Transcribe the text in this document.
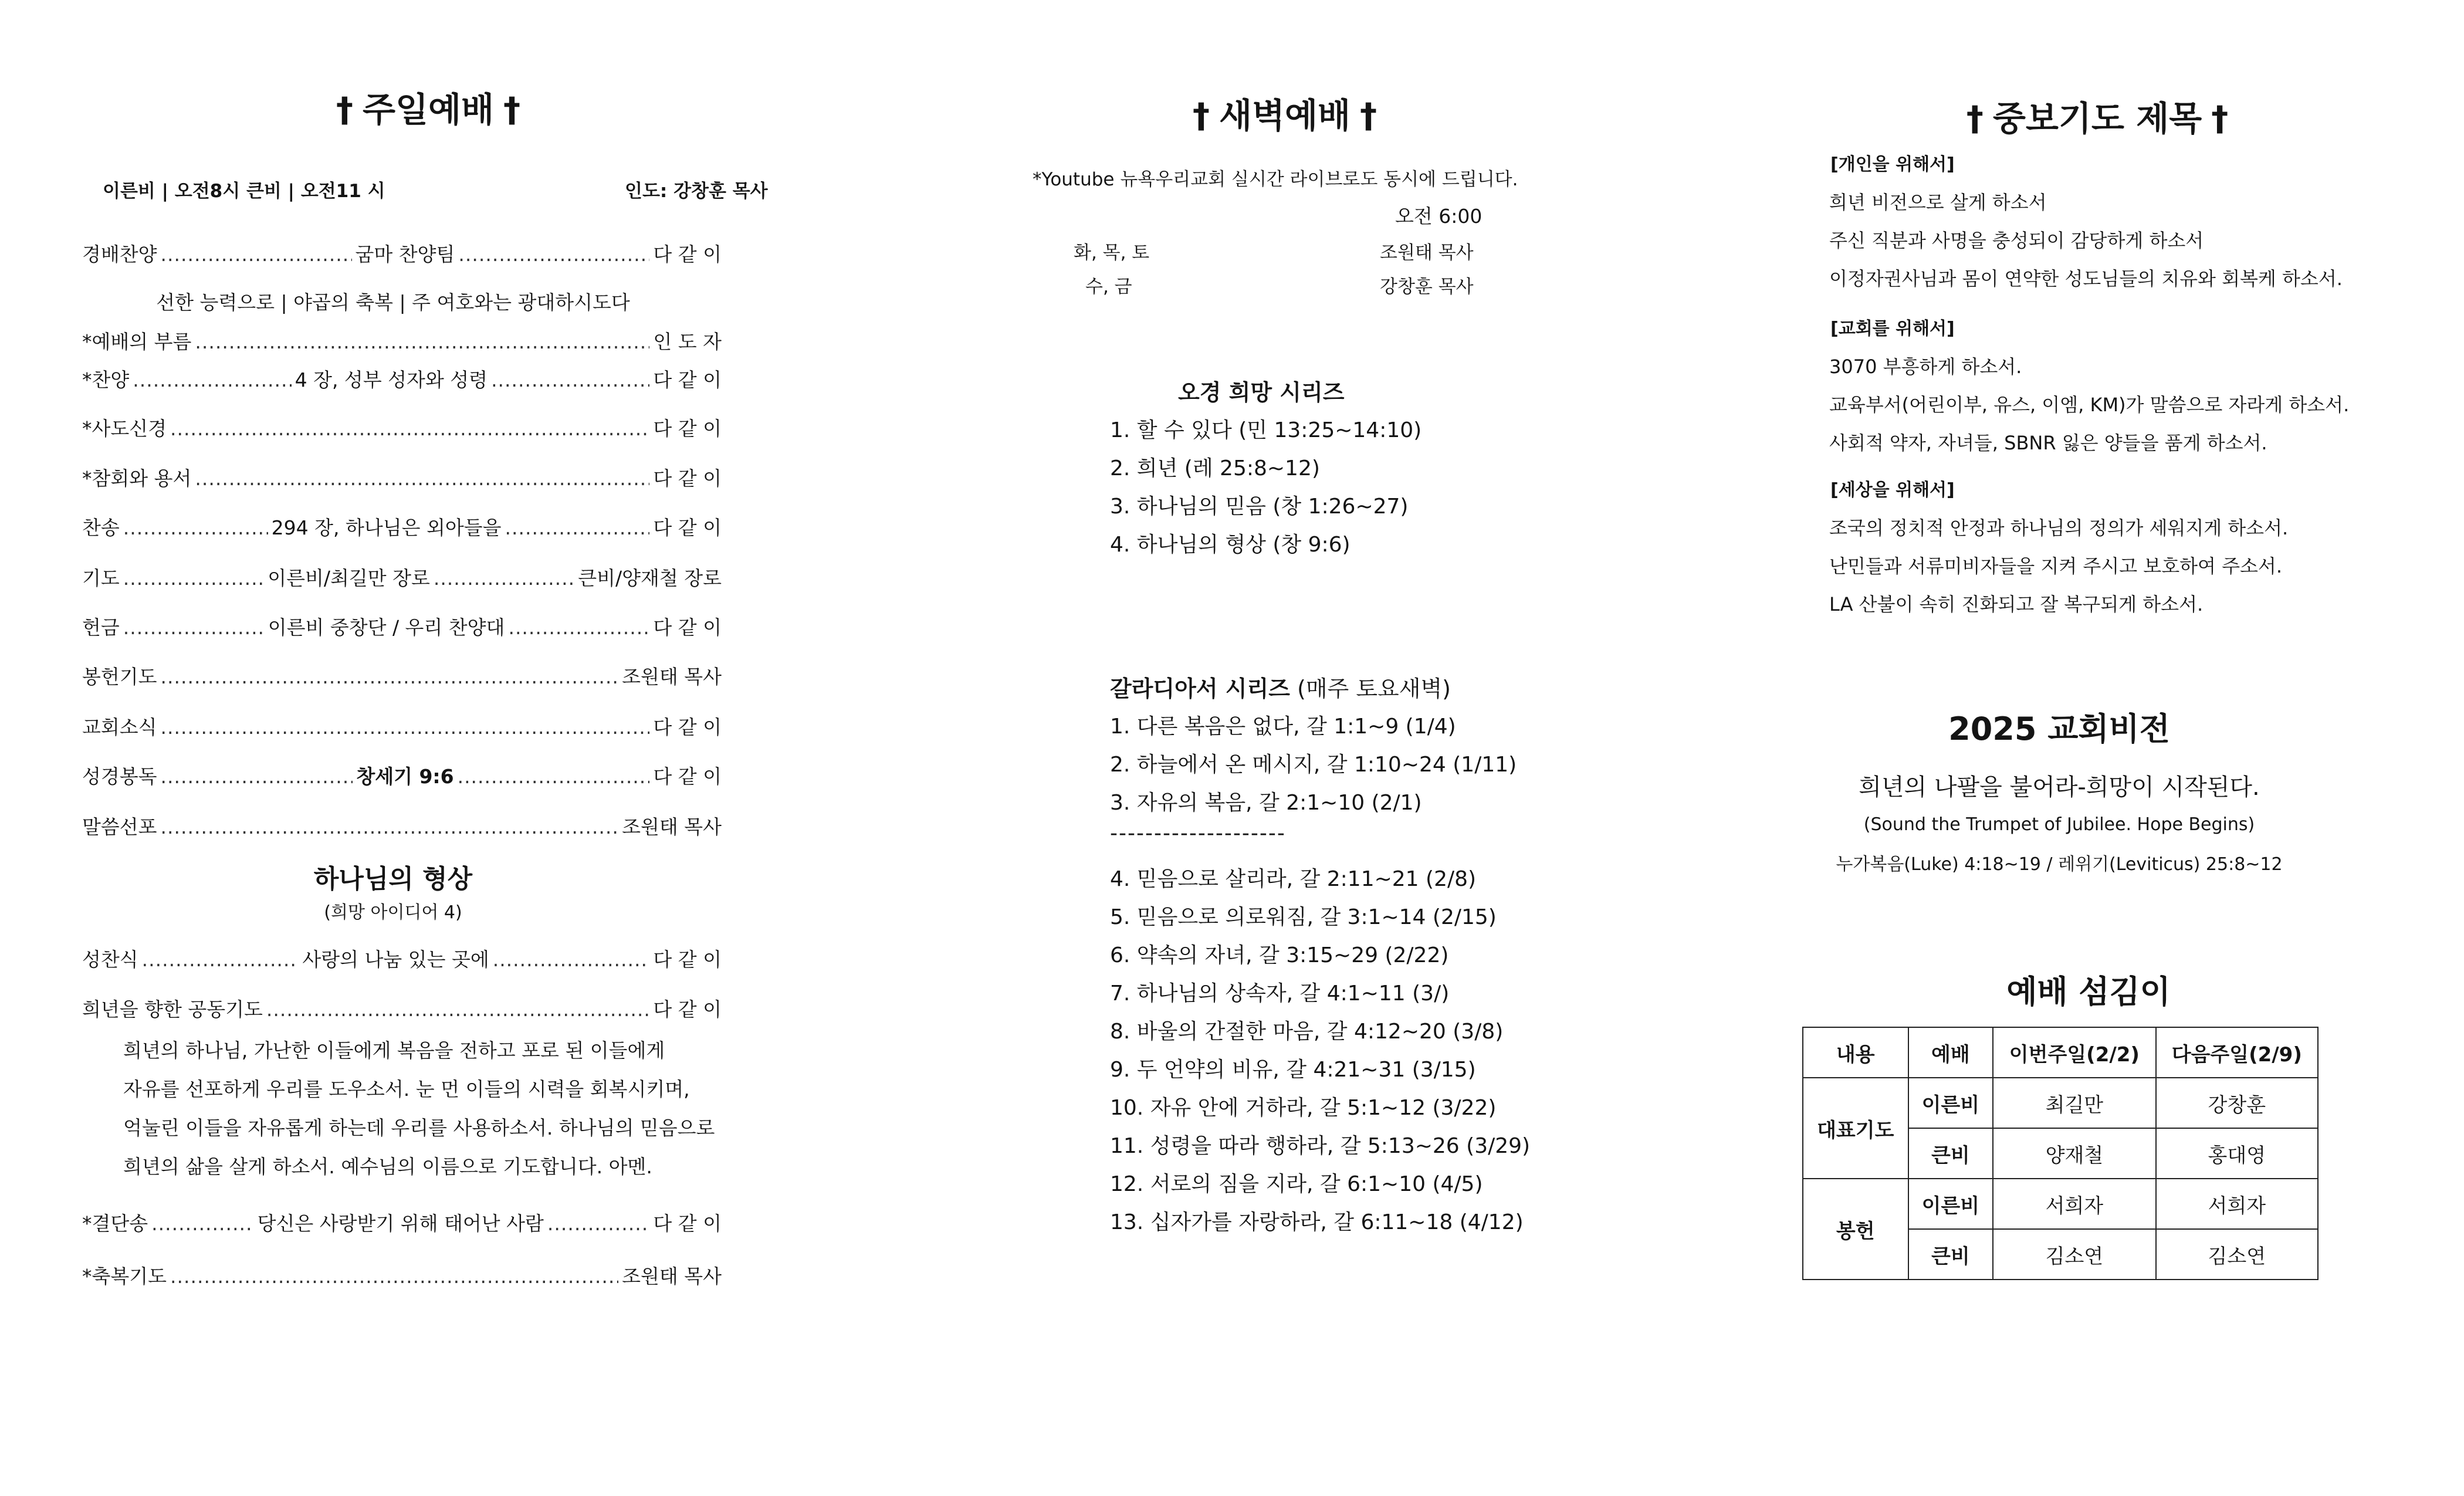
† 주일예배 †
이른비 | 오전8시 큰비 | 오전11 시	인도: 강창훈 목사
경배찬양 .....	굼마 찬양팀 .....	다 같 이
*예배의 부름 .....	인 도 자
*찬양 .....	4 장, 성부 성자와 성령 .....	다 같 이
*사도신경 .....	다 같 이
*참회와 용서 .....	다 같 이
찬송 .....	294 장, 하나님은 외아들을 .....	다 같 이
기도 .....	이른비/최길만 장로 .....	큰비/양재철 장로
헌금 .....	이른비 중창단 / 우리 찬양대 .....	다 같 이
봉헌기도 .....	조원태 목사
교회소식 .....	다 같 이
성경봉독 .....	창세기 9:6 .....	다 같 이
말씀선포 .....	조원태 목사
하나님의 형상
(희망 아이디어 4)
성찬식 .....	사랑의 나눔 있는 곳에 .....	다 같 이
희년을 향한 공동기도 .....	다 같 이
희년의 하나님, 가난한 이들에게 복음을 전하고 포로 된 이들에게
자유를 선포하게 우리를 도우소서. 눈 먼 이들의 시력을 회복시키며,
억눌린 이들을 자유롭게 하는데 우리를 사용하소서. 하나님의 믿음으로
희년의 삶을 살게 하소서. 예수님의 이름으로 기도합니다. 아멘.
*결단송 .....	당신은 사랑받기 위해 태어난 사람 .....	다 같 이
*축복기도 .....	조원태 목사
선한 능력으로 | 야곱의 축복 | 주 여호와는 광대하시도다
† 새벽예배 †
*Youtube 뉴욕우리교회 실시간 라이브로도 동시에 드립니다.
오전 6:00
화, 목, 토	조원태 목사
수, 금	강창훈 목사
오경 희망 시리즈
1. 할 수 있다 (민 13:25~14:10)
2. 희년 (레 25:8~12)
3. 하나님의 믿음 (창 1:26~27)
4. 하나님의 형상 (창 9:6)
갈라디아서 시리즈 (매주 토요새벽)
1. 다른 복음은 없다, 갈 1:1~9 (1/4)
2. 하늘에서 온 메시지, 갈 1:10~24 (1/11)
3. 자유의 복음, 갈 2:1~10 (2/1)
--------------------
4. 믿음으로 살리라, 갈 2:11~21 (2/8)
5. 믿음으로 의로워짐, 갈 3:1~14 (2/15)
6. 약속의 자녀, 갈 3:15~29 (2/22)
7. 하나님의 상속자, 갈 4:1~11 (3/)
8. 바울의 간절한 마음, 갈 4:12~20 (3/8)
9. 두 언약의 비유, 갈 4:21~31 (3/15)
10. 자유 안에 거하라, 갈 5:1~12 (3/22)
11. 성령을 따라 행하라, 갈 5:13~26 (3/29)
12. 서로의 짐을 지라, 갈 6:1~10 (4/5)
13. 십자가를 자랑하라, 갈 6:11~18 (4/12)
† 중보기도 제목 †
[개인을 위해서]
희년 비전으로 살게 하소서
주신 직분과 사명을 충성되이 감당하게 하소서
이정자권사님과 몸이 연약한 성도님들의 치유와 회복케 하소서.
[교회를 위해서]
3070 부흥하게 하소서.
교육부서(어린이부, 유스, 이엠, KM)가 말씀으로 자라게 하소서.
사회적 약자, 자녀들, SBNR 잃은 양들을 품게 하소서.
[세상을 위해서]
조국의 정치적 안정과 하나님의 정의가 세워지게 하소서.
난민들과 서류미비자들을 지켜 주시고 보호하여 주소서.
LA 산불이 속히 진화되고 잘 복구되게 하소서.
2025 교회비전
희년의 나팔을 불어라-희망이 시작된다.
(Sound the Trumpet of Jubilee. Hope Begins)
누가복음(Luke) 4:18~19 / 레위기(Leviticus) 25:8~12
예배 섬김이
내용	예배	이번주일(2/2)	다음주일(2/9)
대표기도	이른비	최길만	강창훈
	큰비	양재철	홍대영
봉헌	이른비	서희자	서희자
	큰비	김소연	김소연
